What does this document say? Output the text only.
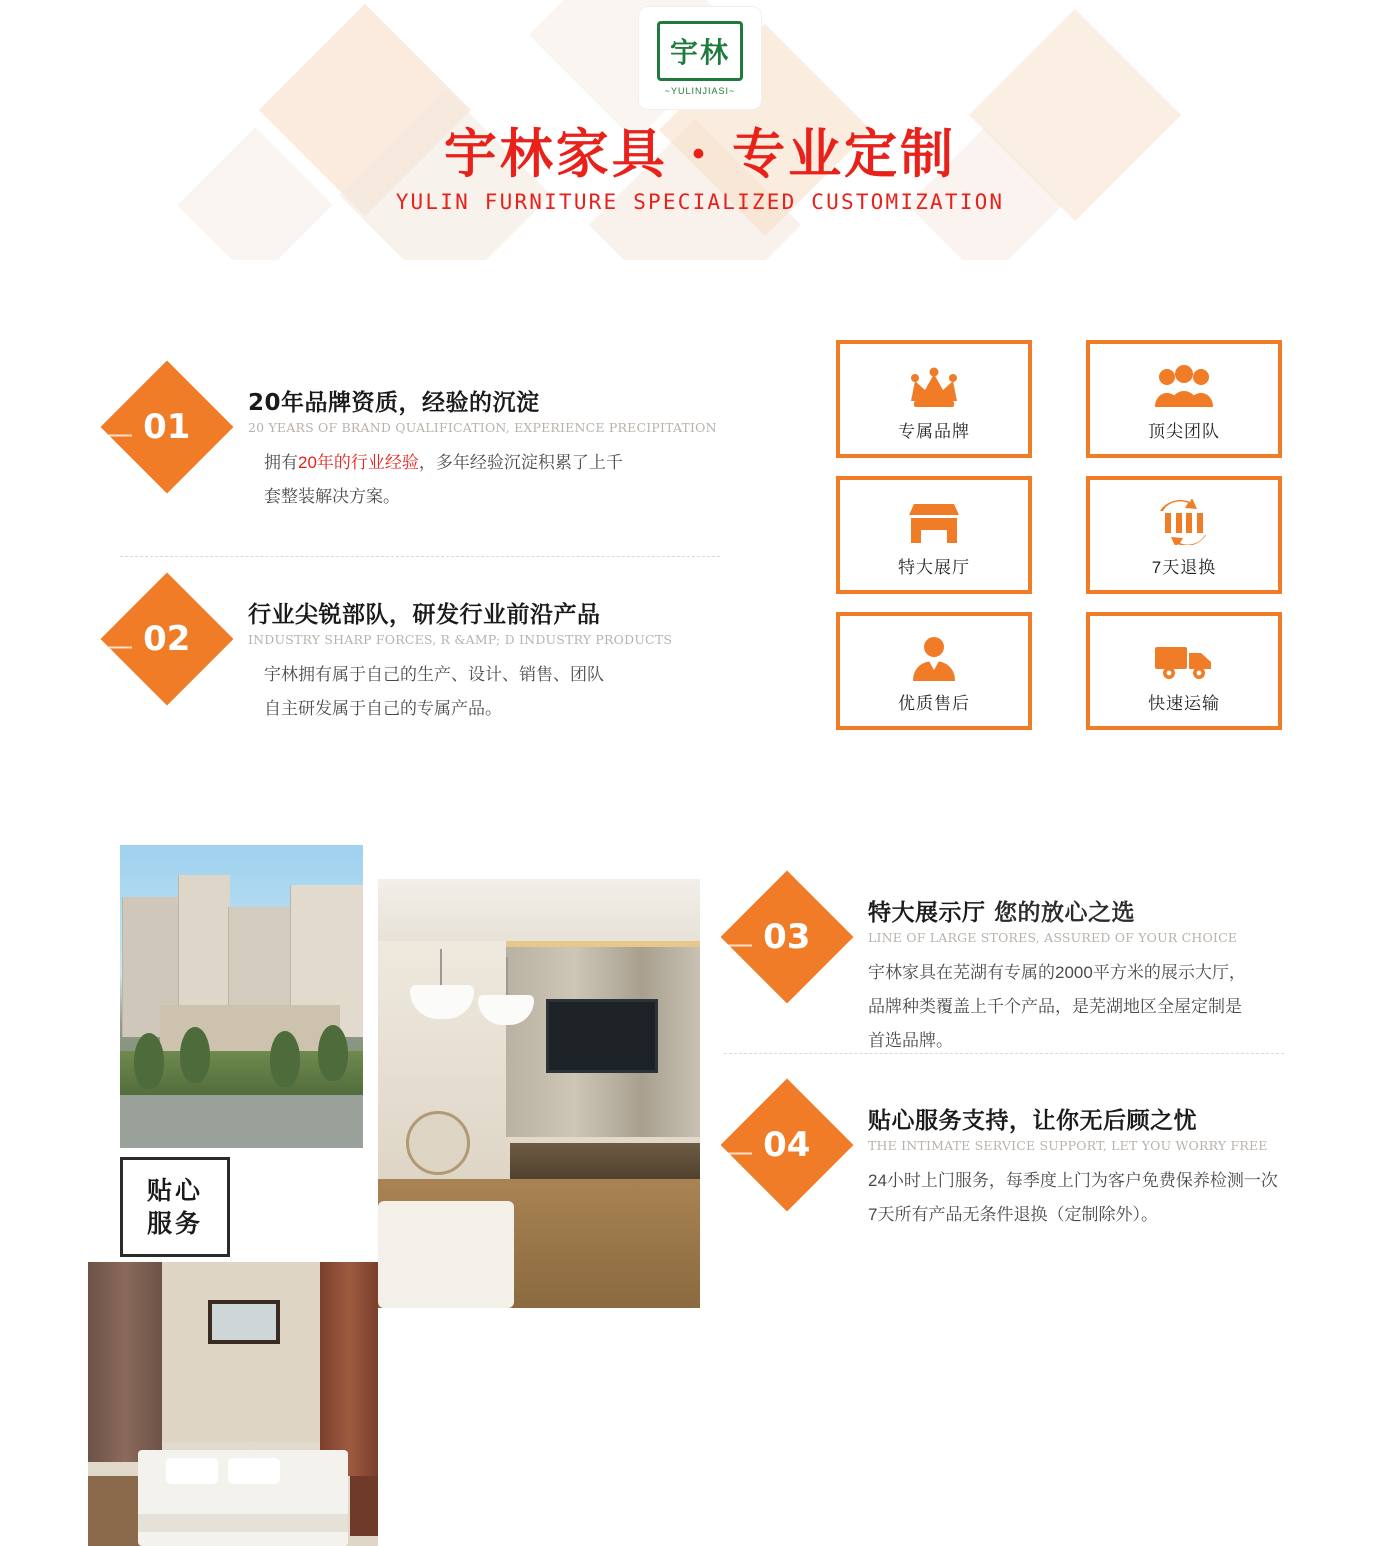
宇林
~YULINJIASI~
宇林家具 · 专业定制
YULIN FURNITURE SPECIALIZED CUSTOMIZATION
01
20年品牌资质，经验的沉淀
20 YEARS OF BRAND QUALIFICATION, EXPERIENCE PRECIPITATION
拥有20年的行业经验，多年经验沉淀积累了上千
套整装解决方案。
02
行业尖锐部队，研发行业前沿产品
INDUSTRY SHARP FORCES, R &AMP; D INDUSTRY PRODUCTS
宇林拥有属于自己的生产、设计、销售、团队
自主研发属于自己的专属产品。
专属品牌	顶尖团队
特大展厅	7天退换
优质售后	快速运输
贴心
服务
03
特大展示厅 您的放心之选
LINE OF LARGE STORES, ASSURED OF YOUR CHOICE
宇林家具在芜湖有专属的2000平方米的展示大厅，
品牌种类覆盖上千个产品，是芜湖地区全屋定制是
首选品牌。
04
贴心服务支持，让你无后顾之忧
THE INTIMATE SERVICE SUPPORT, LET YOU WORRY FREE
24小时上门服务，每季度上门为客户免费保养检测一次
7天所有产品无条件退换（定制除外）。
